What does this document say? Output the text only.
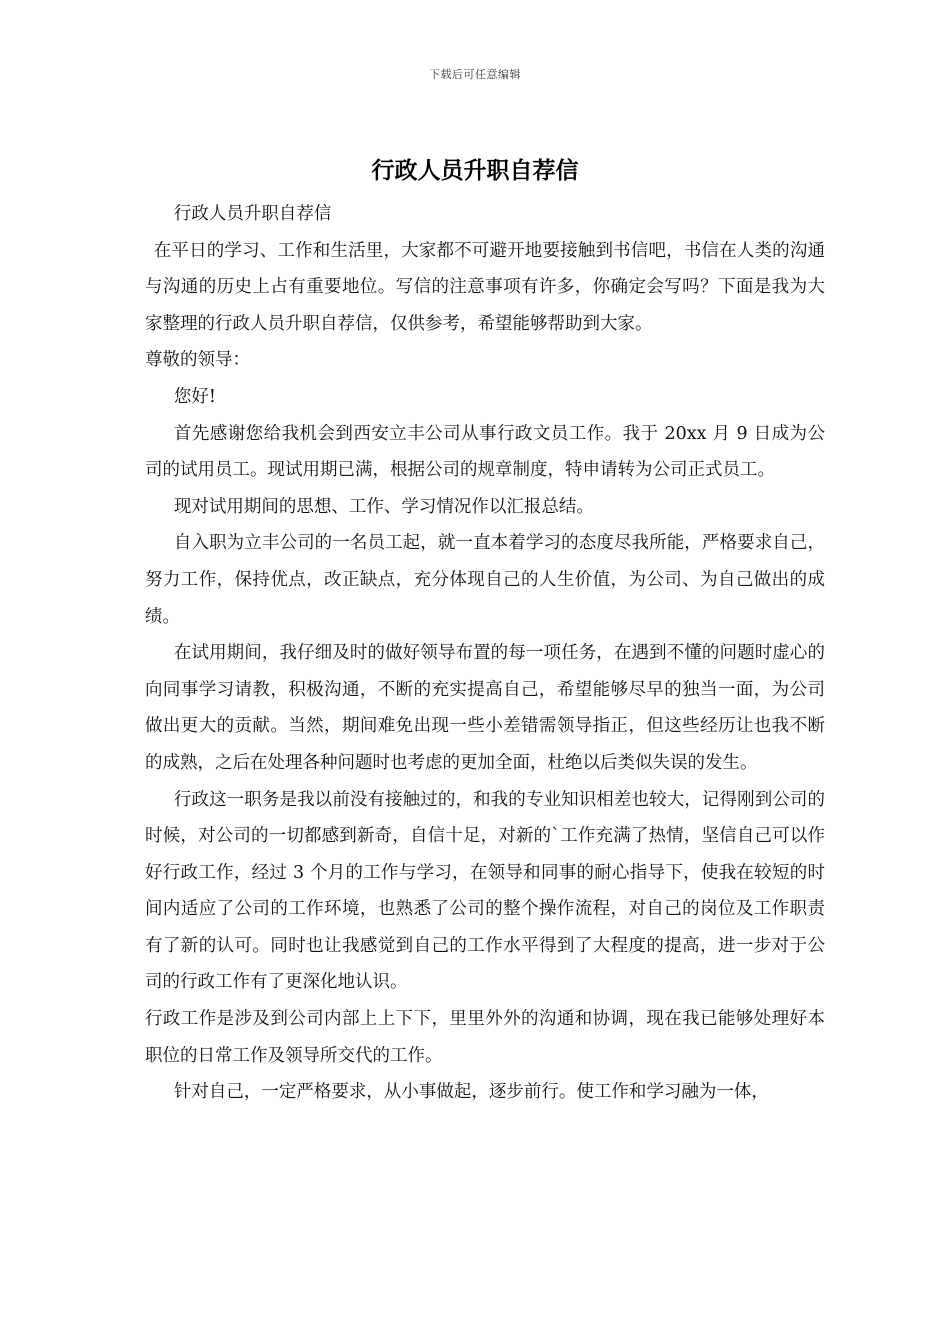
下载后可任意编辑
行政人员升职自荐信

行政人员升职自荐信

在平日的学习、工作和生活里，大家都不可避开地要接触到书信吧，书信在人类的沟通与沟通的历史上占有重要地位。写信的注意事项有许多，你确定会写吗？下面是我为大家整理的行政人员升职自荐信，仅供参考，希望能够帮助到大家。

尊敬的领导：

您好!

首先感谢您给我机会到西安立丰公司从事行政文员工作。我于 20xx 月 9 日成为公司的试用员工。现试用期已满，根据公司的规章制度，特申请转为公司正式员工。

现对试用期间的思想、工作、学习情况作以汇报总结。

自入职为立丰公司的一名员工起，就一直本着学习的态度尽我所能，严格要求自己，努力工作，保持优点，改正缺点，充分体现自己的人生价值，为公司、为自己做出的成绩。

在试用期间，我仔细及时的做好领导布置的每一项任务，在遇到不懂的问题时虚心的向同事学习请教，积极沟通，不断的充实提高自己，希望能够尽早的独当一面，为公司做出更大的贡献。当然，期间难免出现一些小差错需领导指正，但这些经历让也我不断的成熟，之后在处理各种问题时也考虑的更加全面，杜绝以后类似失误的发生。

行政这一职务是我以前没有接触过的，和我的专业知识相差也较大，记得刚到公司的时候，对公司的一切都感到新奇，自信十足，对新的`工作充满了热情，坚信自己可以作好行政工作，经过 3 个月的工作与学习，在领导和同事的耐心指导下，使我在较短的时间内适应了公司的工作环境，也熟悉了公司的整个操作流程，对自己的岗位及工作职责有了新的认可。同时也让我感觉到自己的工作水平得到了大程度的提高，进一步对于公司的行政工作有了更深化地认识。

行政工作是涉及到公司内部上上下下，里里外外的沟通和协调，现在我已能够处理好本职位的日常工作及领导所交代的工作。

针对自己，一定严格要求，从小事做起，逐步前行。使工作和学习融为一体，
